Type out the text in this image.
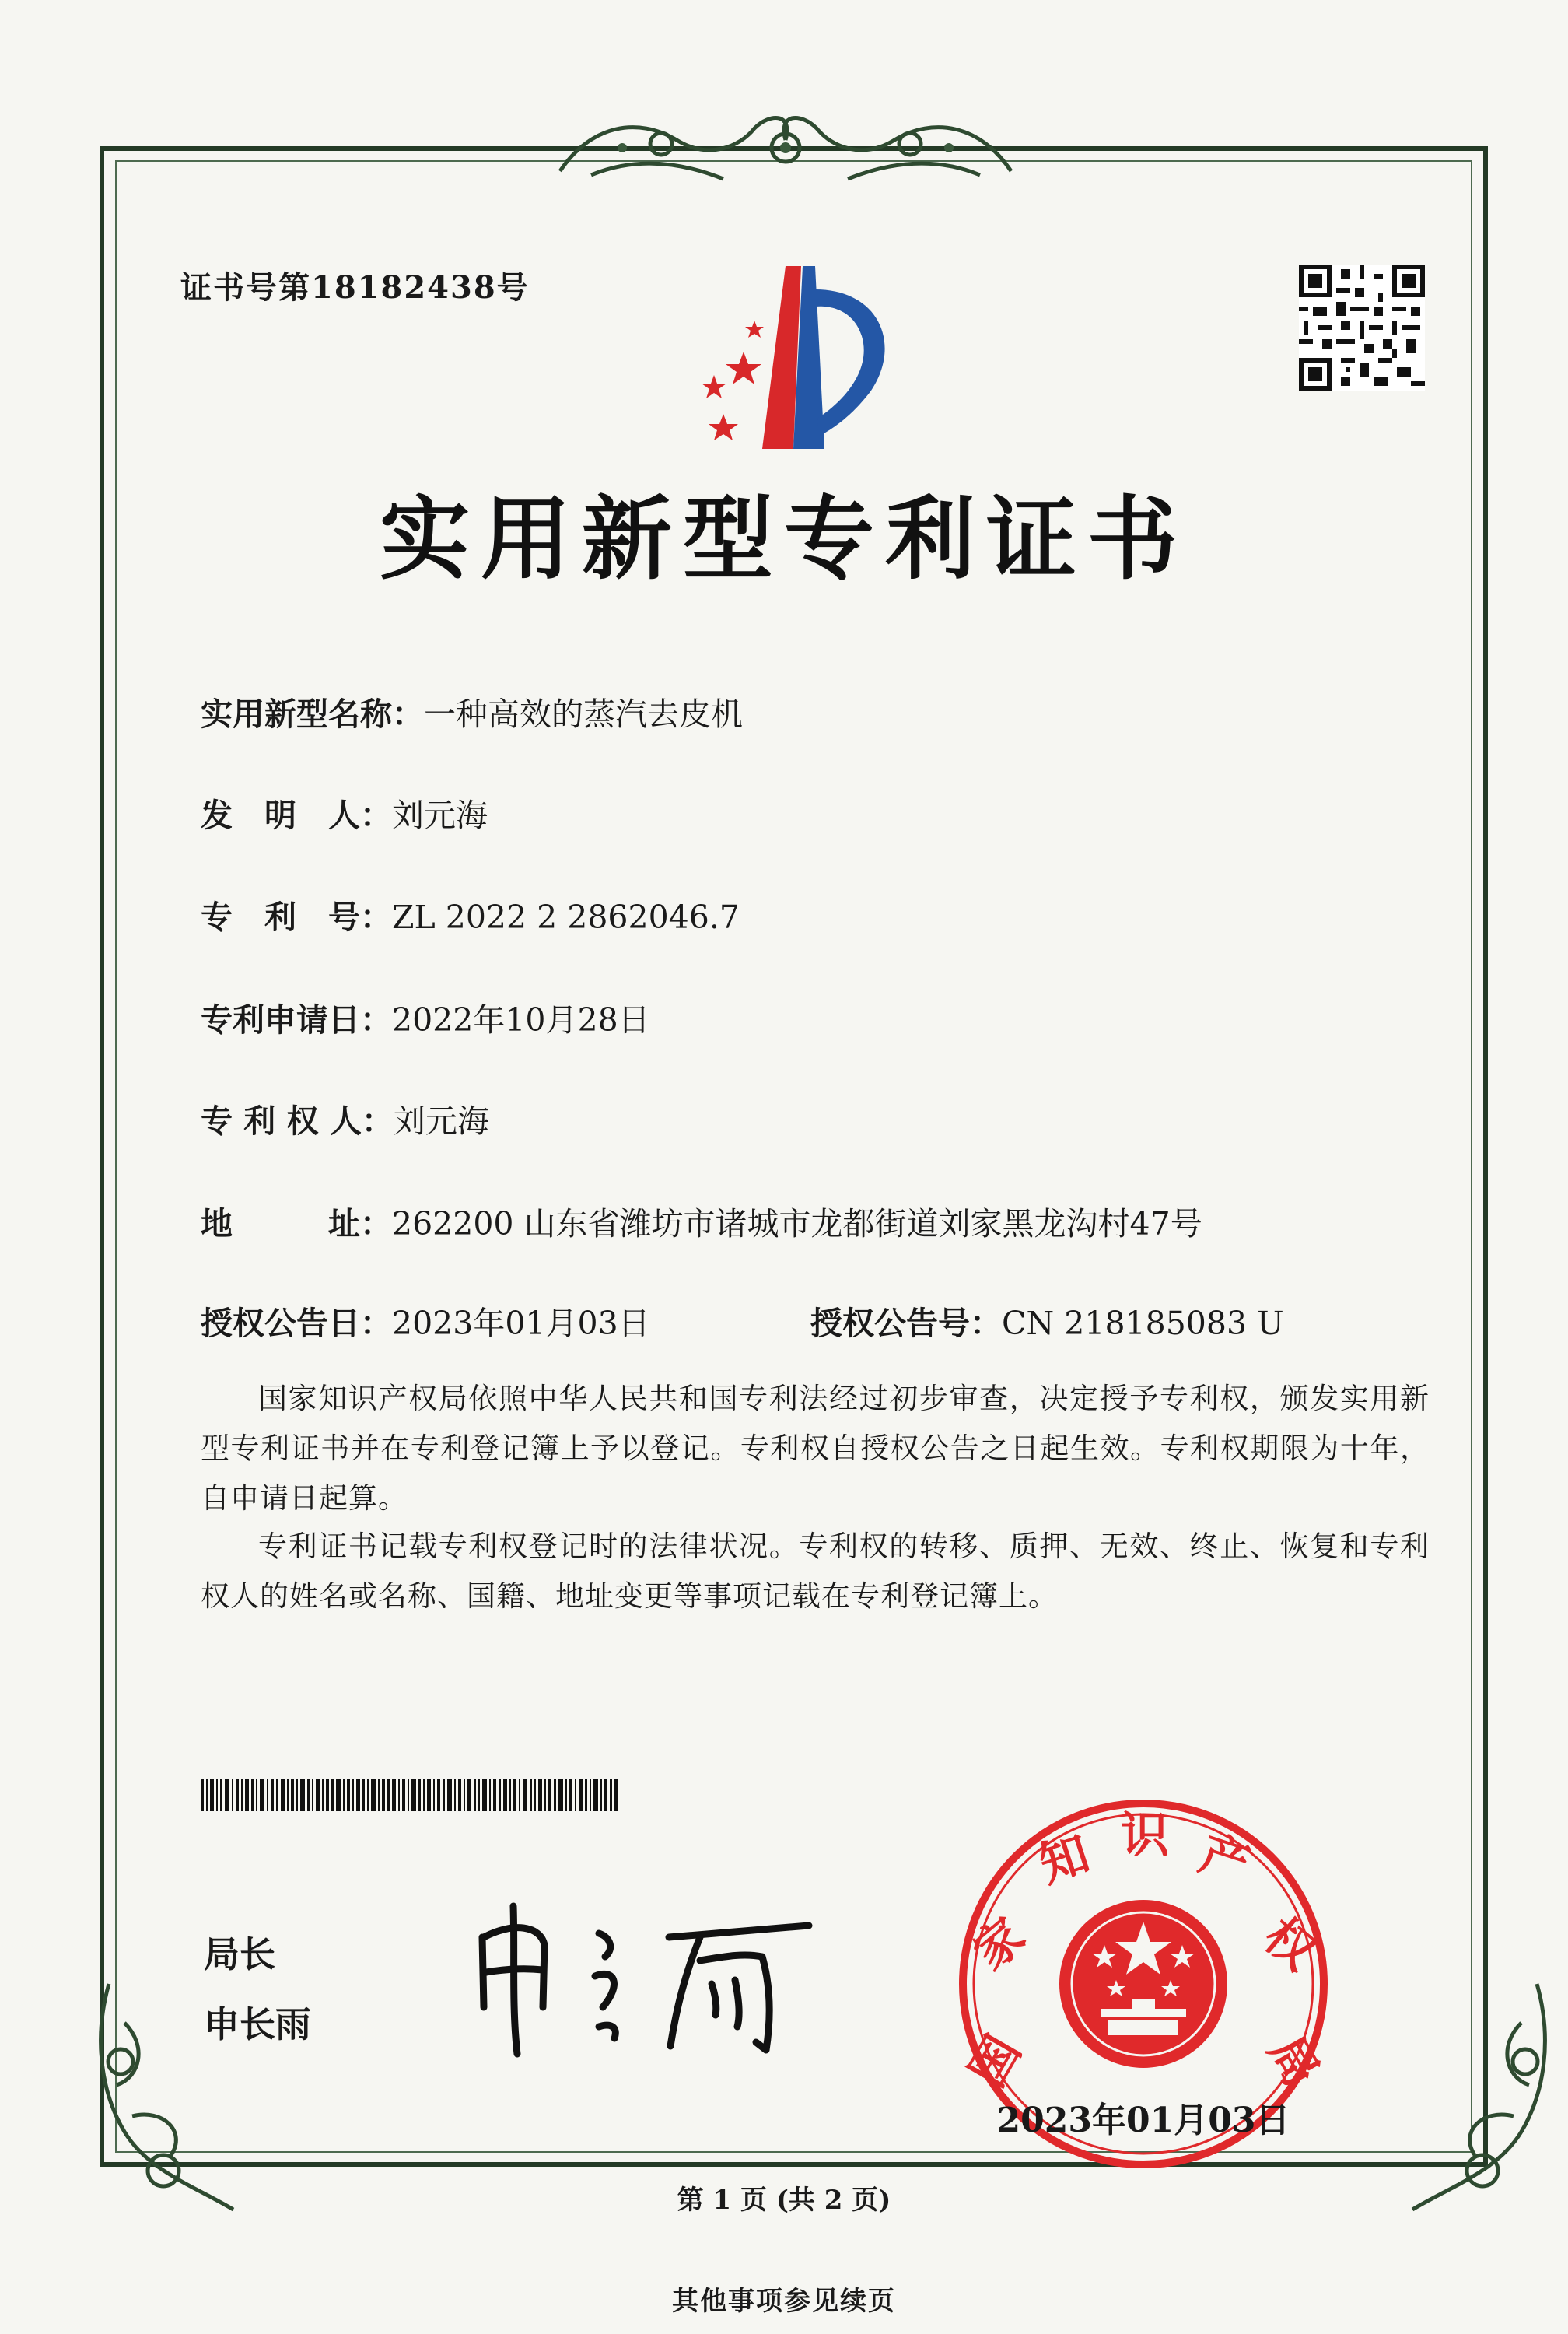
证书号第18182438号
实用新型专利证书
实用新型名称：一种高效的蒸汽去皮机
发　明　人：刘元海
专　利　号：ZL 2022 2 2862046.7
专利申请日：2022年10月28日
专 利 权 人：刘元海
地　　　址：262200 山东省潍坊市诸城市龙都街道刘家黑龙沟村47号
授权公告日：2023年01月03日	授权公告号：CN 218185083 U
国家知识产权局依照中华人民共和国专利法经过初步审查，决定授予专利权，颁发实用新型专利证书并在专利登记簿上予以登记。专利权自授权公告之日起生效。专利权期限为十年，自申请日起算。
专利证书记载专利权登记时的法律状况。专利权的转移、质押、无效、终止、恢复和专利权人的姓名或名称、国籍、地址变更等事项记载在专利登记簿上。
局长
申长雨
国
家
知 识 产
权
局
2023年01月03日
第 1 页 (共 2 页)
其他事项参见续页
